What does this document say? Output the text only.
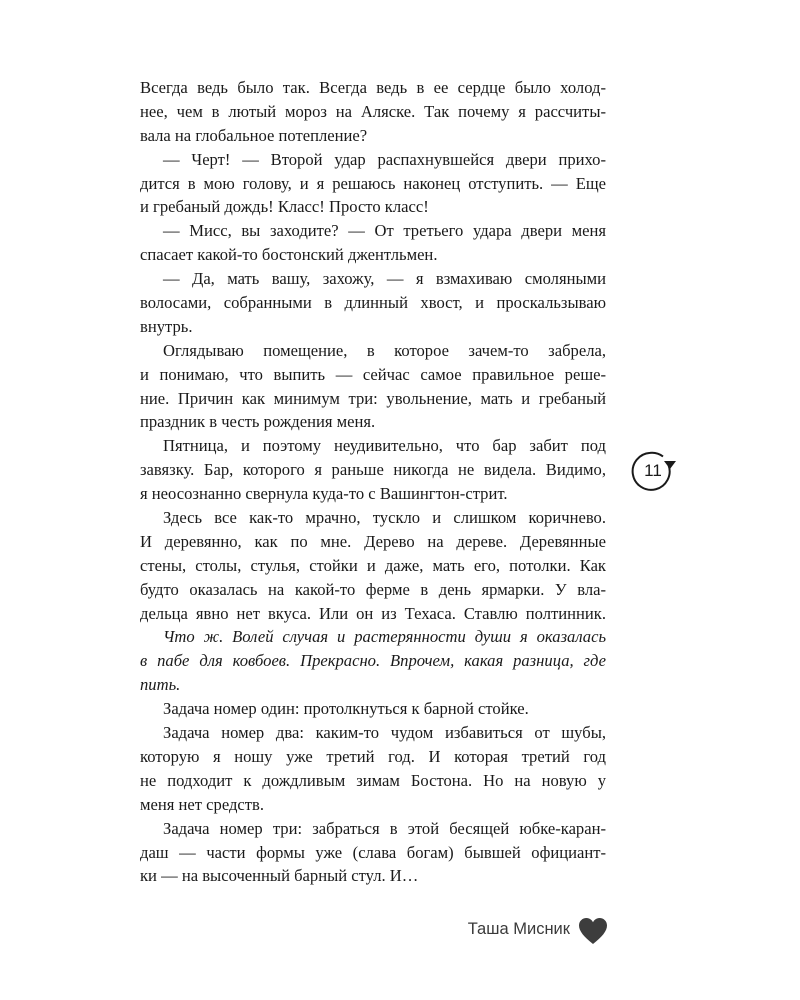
Всегда ведь было так. Всегда ведь в ее сердце было холод-
нее, чем в лютый мороз на Аляске. Так почему я рассчиты-
вала на глобальное потепление?
— Черт! — Второй удар распахнувшейся двери прихо-
дится в мою голову, и я решаюсь наконец отступить. — Еще
и гребаный дождь! Класс! Просто класс!
— Мисс, вы заходите? — От третьего удара двери меня
спасает какой-то бостонский джентльмен.
— Да, мать вашу, захожу, — я взмахиваю смоляными
волосами, собранными в длинный хвост, и проскальзываю
внутрь.
Оглядываю помещение, в которое зачем-то забрела,
и понимаю, что выпить — сейчас самое правильное реше-
ние. Причин как минимум три: увольнение, мать и гребаный
праздник в честь рождения меня.
Пятница, и поэтому неудивительно, что бар забит под
завязку. Бар, которого я раньше никогда не видела. Видимо,
я неосознанно свернула куда-то с Вашингтон-стрит.
Здесь все как-то мрачно, тускло и слишком коричнево.
И деревянно, как по мне. Дерево на дереве. Деревянные
стены, столы, стулья, стойки и даже, мать его, потолки. Как
будто оказалась на какой-то ферме в день ярмарки. У вла-
дельца явно нет вкуса. Или он из Техаса. Ставлю полтинник.
Что ж. Волей случая и растерянности души я оказалась
в пабе для ковбоев. Прекрасно. Впрочем, какая разница, где
пить.
Задача номер один: протолкнуться к барной стойке.
Задача номер два: каким-то чудом избавиться от шубы,
которую я ношу уже третий год. И которая третий год
не подходит к дождливым зимам Бостона. Но на новую у
меня нет средств.
Задача номер три: забраться в этой бесящей юбке-каран-
даш — части формы уже (слава богам) бывшей официант-
ки — на высоченный барный стул. И…
11
Таша Мисник
